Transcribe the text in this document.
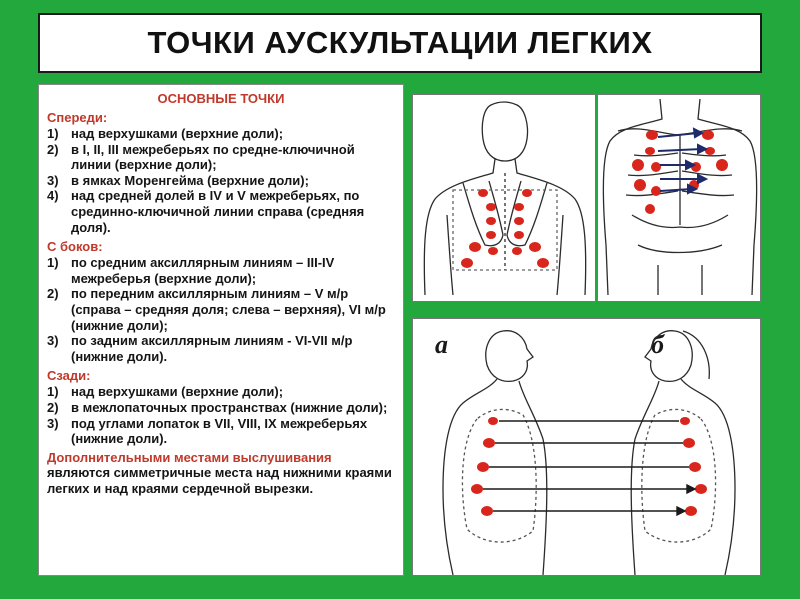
ТОЧКИ АУСКУЛЬТАЦИИ ЛЕГКИХ
ОСНОВНЫЕ ТОЧКИ
Спереди:
1) над верхушками (верхние доли);
2) в I, II, III межреберьях по средне-ключичной линии (верхние доли);
3) в ямках Моренгейма (верхние доли);
4) над средней долей в IV и V межреберьях, по срединно-ключичной линии справа (средняя доля).
С боков:
1) по средним аксиллярным линиям – III-IV межреберья (верхние доли);
2) по передним аксиллярным линиям – V м/р (справа – средняя доля; слева – верхняя), VI м/р (нижние доли);
3) по задним аксиллярным линиям - VI-VII м/р (нижние доли).
Сзади:
1) над верхушками (верхние доли);
2) в межлопаточных пространствах (нижние доли);
3) под углами лопаток в VII, VIII, IX межреберьях (нижние доли).
Дополнительными местами выслушивания являются симметричные места над нижними краями легких и над краями сердечной вырезки.
а	б
